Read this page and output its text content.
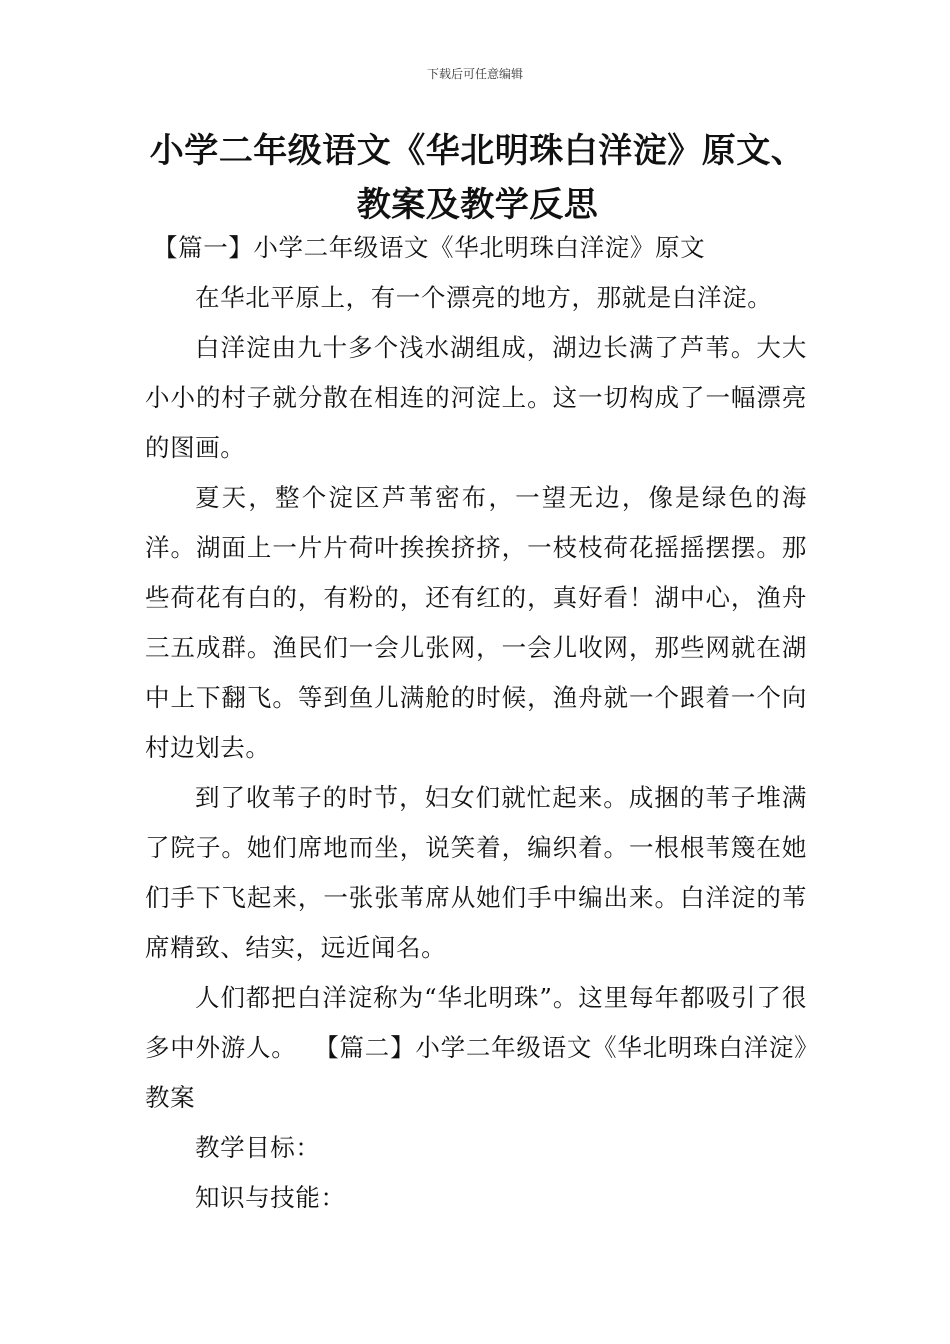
下载后可任意编辑
小学二年级语文《华北明珠白洋淀》原文、
教案及教学反思

【篇一】小学二年级语文《华北明珠白洋淀》原文

在华北平原上，有一个漂亮的地方，那就是白洋淀。

白洋淀由九十多个浅水湖组成，湖边长满了芦苇。大大小小的村子就分散在相连的河淀上。这一切构成了一幅漂亮的图画。

夏天，整个淀区芦苇密布，一望无边，像是绿色的海洋。湖面上一片片荷叶挨挨挤挤，一枝枝荷花摇摇摆摆。那些荷花有白的，有粉的，还有红的，真好看！湖中心，渔舟三五成群。渔民们一会儿张网，一会儿收网，那些网就在湖中上下翻飞。等到鱼儿满舱的时候，渔舟就一个跟着一个向村边划去。

到了收苇子的时节，妇女们就忙起来。成捆的苇子堆满了院子。她们席地而坐，说笑着，编织着。一根根苇篾在她们手下飞起来，一张张苇席从她们手中编出来。白洋淀的苇席精致、结实，远近闻名。

人们都把白洋淀称为“华北明珠”。这里每年都吸引了很多中外游人。 【篇二】小学二年级语文《华北明珠白洋淀》教案

教学目标：

知识与技能：
